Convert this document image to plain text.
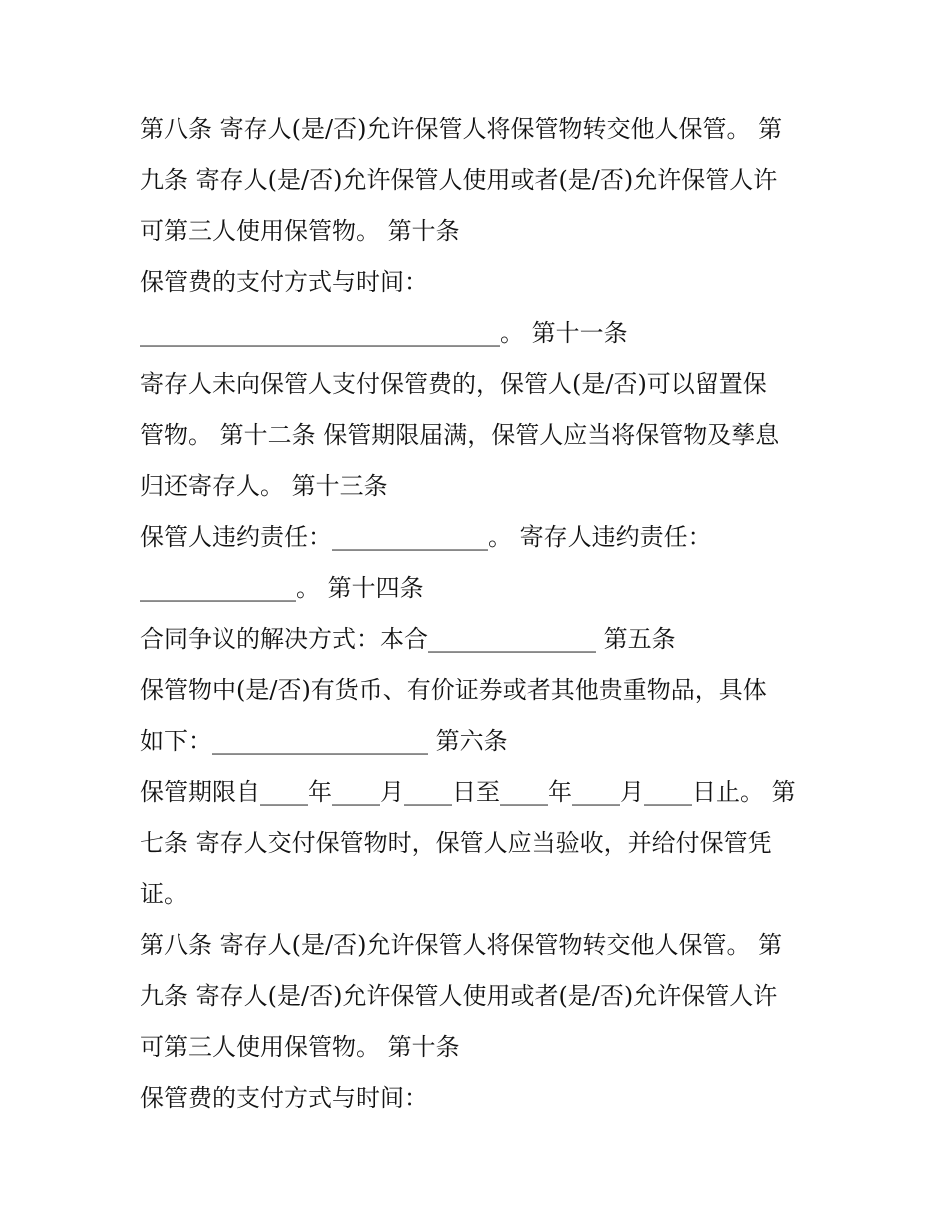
第八条 寄存人(是/否)允许保管人将保管物转交他人保管。 第
九条 寄存人(是/否)允许保管人使用或者(是/否)允许保管人许
可第三人使用保管物。 第十条
保管费的支付方式与时间：
______________________________。 第十一条
寄存人未向保管人支付保管费的，保管人(是/否)可以留置保
管物。 第十二条 保管期限届满，保管人应当将保管物及孳息
归还寄存人。 第十三条
保管人违约责任：_____________。 寄存人违约责任：
_____________。 第十四条
合同争议的解决方式：本合______________ 第五条
保管物中(是/否)有货币、有价证券或者其他贵重物品，具体
如下：__________________ 第六条
保管期限自____年____月____日至____年____月____日止。 第
七条 寄存人交付保管物时，保管人应当验收，并给付保管凭
证。
第八条 寄存人(是/否)允许保管人将保管物转交他人保管。 第
九条 寄存人(是/否)允许保管人使用或者(是/否)允许保管人许
可第三人使用保管物。 第十条
保管费的支付方式与时间：
